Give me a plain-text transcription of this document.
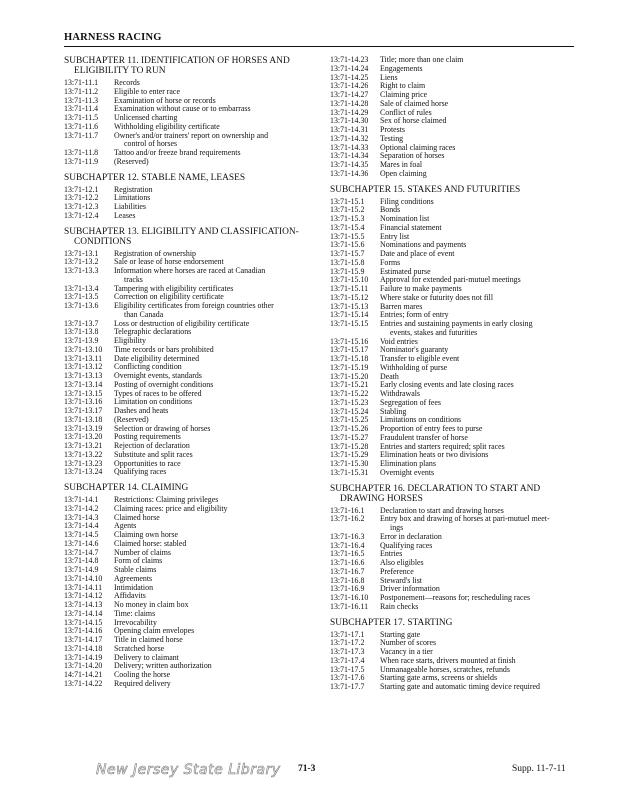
HARNESS RACING
SUBCHAPTER 11. IDENTIFICATION OF HORSES AND ELIGIBILITY TO RUN
13:71-11.1	Records
13:71-11.2	Eligible to enter race
13:71-11.3	Examination of horse or records
13:71-11.4	Examination without cause or to embarrass
13:71-11.5	Unlicensed charting
13:71-11.6	Withholding eligibility certificate
13:71-11.7	Owner's and/or trainers' report on ownership and
control of horses
13:71-11.8	Tattoo and/or freeze brand requirements
13:71-11.9	(Reserved)
SUBCHAPTER 12. STABLE NAME, LEASES
13:71-12.1	Registration
13:71-12.2	Limitations
13:71-12.3	Liabilities
13:71-12.4	Leases
SUBCHAPTER 13. ELIGIBILITY AND CLASSIFICATION-CONDITIONS
13:71-13.1	Registration of ownership
13:71-13.2	Sale or lease of horse endorsement
13:71-13.3	Information where horses are raced at Canadian
tracks
13:71-13.4	Tampering with eligibility certificates
13:71-13.5	Correction on eligibility certificate
13:71-13.6	Eligibility certificates from foreign countries other
than Canada
13:71-13.7	Loss or destruction of eligibility certificate
13:71-13.8	Telegraphic declarations
13:71-13.9	Eligibility
13:71-13.10	Time records or bars prohibited
13:71-13.11	Date eligibility determined
13:71-13.12	Conflicting condition
13:71-13.13	Overnight events, standards
13:71-13.14	Posting of overnight conditions
13:71-13.15	Types of races to be offered
13:71-13.16	Limitation on conditions
13:71-13.17	Dashes and heats
13:71-13.18	(Reserved)
13:71-13.19	Selection or drawing of horses
13:71-13.20	Posting requirements
13:71-13.21	Rejection of declaration
13:71-13.22	Substitute and split races
13:71-13.23	Opportunities to race
13:71-13.24	Qualifying races
SUBCHAPTER 14. CLAIMING
13:71-14.1	Restrictions: Claiming privileges
13:71-14.2	Claiming races: price and eligibility
13:71-14.3	Claimed horse
13:71-14.4	Agents
13:71-14.5	Claiming own horse
13:71-14.6	Claimed horse: stabled
13:71-14.7	Number of claims
13:71-14.8	Form of claims
13:71-14.9	Stable claims
13:71-14.10	Agreements
13:71-14.11	Intimidation
13:71-14.12	Affidavits
13:71-14.13	No money in claim box
13:71-14.14	Time: claims
13:71-14.15	Irrevocability
13:71-14.16	Opening claim envelopes
13:71-14.17	Title in claimed horse
13:71-14.18	Scratched horse
13:71-14.19	Delivery to claimant
13:71-14.20	Delivery; written authorization
14:71-14.21	Cooling the horse
13:71-14.22	Required delivery
13:71-14.23	Title; more than one claim
13:71-14.24	Engagements
13:71-14.25	Liens
13:71-14.26	Right to claim
13:71-14.27	Claiming price
13:71-14.28	Sale of claimed horse
13:71-14.29	Conflict of rules
13:71-14.30	Sex of horse claimed
13:71-14.31	Protests
13:71-14.32	Testing
13:71-14.33	Optional claiming races
13:71-14.34	Separation of horses
13:71-14.35	Mares in foal
13:71-14.36	Open claiming
SUBCHAPTER 15. STAKES AND FUTURITIES
13:71-15.1	Filing conditions
13:71-15.2	Bonds
13:71-15.3	Nomination list
13:71-15.4	Financial statement
13:71-15.5	Entry list
13:71-15.6	Nominations and payments
13:71-15.7	Date and place of event
13:71-15.8	Forms
13:71-15.9	Estimated purse
13:71-15.10	Approval for extended pari-mutuel meetings
13:71-15.11	Failure to make payments
13:71-15.12	Where stake or futurity does not fill
13:71-15.13	Barren mares
13:71-15.14	Entries; form of entry
13:71-15.15	Entries and sustaining payments in early closing
events, stakes and futurities
13:71-15.16	Void entries
13:71-15.17	Nominator's guaranty
13:71-15.18	Transfer to eligible event
13:71-15.19	Withholding of purse
13:71-15.20	Death
13:71-15.21	Early closing events and late closing races
13:71-15.22	Withdrawals
13:71-15.23	Segregation of fees
13:71-15.24	Stabling
13:71-15.25	Limitations on conditions
13:71-15.26	Proportion of entry fees to purse
13:71-15.27	Fraudulent transfer of horse
13:71-15.28	Entries and starters required; split races
13:71-15.29	Elimination heats or two divisions
13:71-15.30	Elimination plans
13:71-15.31	Overnight events
SUBCHAPTER 16. DECLARATION TO START AND DRAWING HORSES
13:71-16.1	Declaration to start and drawing horses
13:71-16.2	Entry box and drawing of horses at pari-mutuel meet-
ings
13:71-16.3	Error in declaration
13:71-16.4	Qualifying races
13:71-16.5	Entries
13:71-16.6	Also eligibles
13:71-16.7	Preference
13:71-16.8	Steward's list
13:71-16.9	Driver information
13:71-16.10	Postponement—reasons for; rescheduling races
13:71-16.11	Rain checks
SUBCHAPTER 17. STARTING
13:71-17.1	Starting gate
13:71-17.2	Number of scores
13:71-17.3	Vacancy in a tier
13:71-17.4	When race starts, drivers mounted at finish
13:71-17.5	Unmanageable horses, scratches, refunds
13:71-17.6	Starting gate arms, screens or shields
13:71-17.7	Starting gate and automatic timing device required
New Jersey State Library 71-3	Supp. 11-7-11
